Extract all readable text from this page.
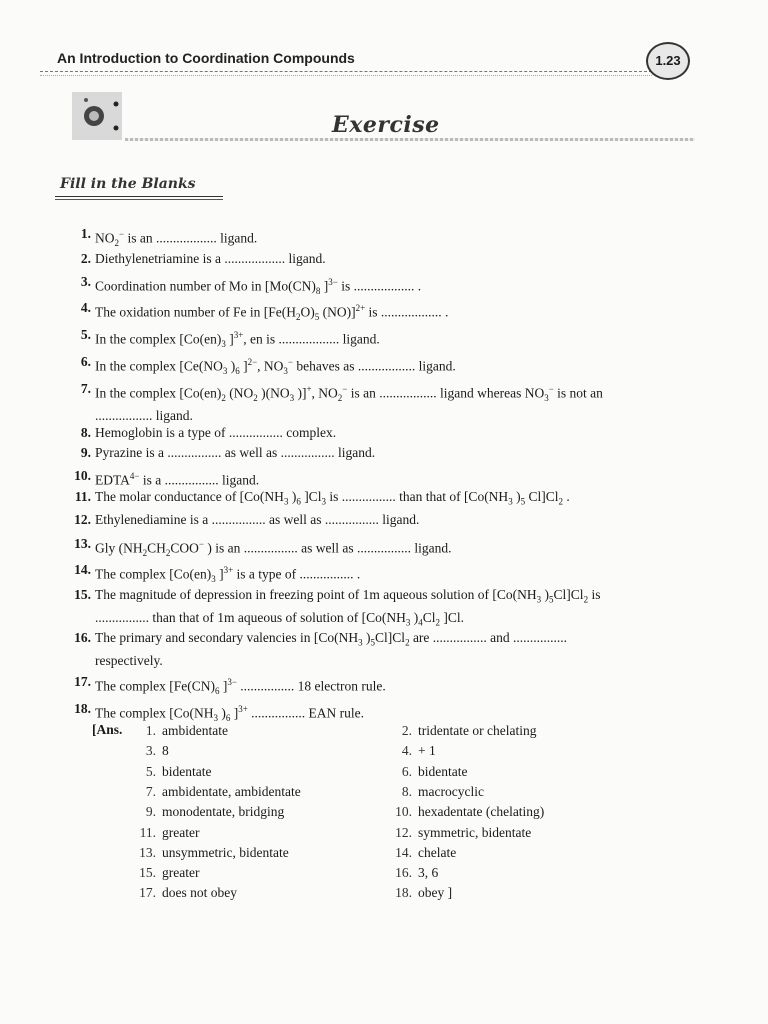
An Introduction to Coordination Compounds	1.23
Exercise
Fill in the Blanks
1. $NO_2^-$ is an .................. ligand.
2. Diethylenetriamine is a .................. ligand.
3. Coordination number of Mo in [$Mo(CN)_8$ ]$^{3-}$ is .................. .
4. The oxidation number of Fe in [$Fe(H_2O)_5$ (NO)]$^{2+}$ is .................. .
5. In the complex [$Co(en)_3$ ]$^{3+}$, en is .................. ligand.
6. In the complex [$Ce(NO_3$ )$_6$ ]$^{2-}$, $NO_3^-$ behaves as ................. ligand.
7. In the complex [$Co(en)_2$ ($NO_2$ )($NO_3$ )]+, $NO_2^-$ is an ................. ligand whereas $NO_3^-$ is not an
................. ligand.
8. Hemoglobin is a type of ................ complex.
9. Pyrazine is a ................ as well as ................ ligand.
10. $EDTA^{4-}$ is a ................ ligand.
11. The molar conductance of [$Co(NH_3$ )$_6$ ]$Cl_3$ is ................ than that of [$Co(NH_3$ )$_5$ $Cl]Cl_2$ .
12. Ethylenediamine is a ................ as well as ................ ligand.
13. Gly ($NH_2CH_2COO^-$ ) is an ................ as well as ................ ligand.
14. The complex [$Co(en)_3$ ]$^{3+}$ is a type of ................ .
15. The magnitude of depression in freezing point of 1m aqueous solution of [$Co(NH_3$ )$_5Cl]Cl_2$ is
................ than that of 1m aqueous of solution of [$Co(NH_3$ )$_4Cl_2$ ]Cl.
16. The primary and secondary valencies in [$Co(NH_3$ )$_5Cl]Cl_2$ are ................ and ................
respectively.
17. The complex [$Fe(CN)_6$ ]$^{3-}$ ................ 18 electron rule.
18. The complex [$Co(NH_3$ )$_6$ ]$^{3+}$ ................ EAN rule.
[Ans.	1. ambidentate	2. tridentate or chelating
3. 8	4. + 1
5. bidentate	6. bidentate
7. ambidentate, ambidentate	8. macrocyclic
9. monodentate, bridging	10. hexadentate (chelating)
11. greater	12. symmetric, bidentate
13. unsymmetric, bidentate	14. chelate
15. greater	16. 3, 6
17. does not obey	18. obey ]
